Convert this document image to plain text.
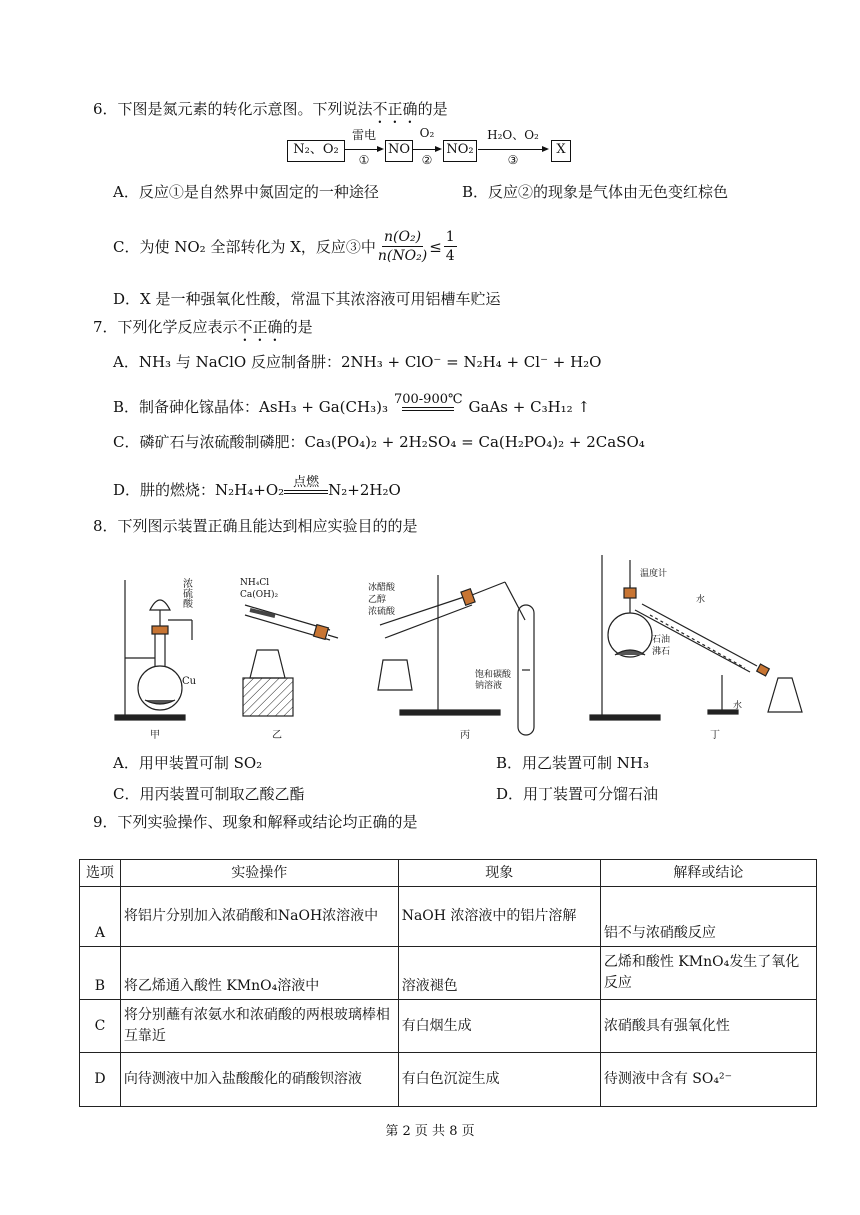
6．下图是氮元素的转化示意图。下列说法不正确的是
N₂、O₂
雷电
①
NO
O₂
②
NO₂
H₂O、O₂
③
X
A．反应①是自然界中氮固定的一种途径	B．反应②的现象是气体由无色变红棕色
C．为使 NO₂ 全部转化为 X，反应③中 $\frac{\text{n(O₂)}}{\text{n(NO₂)}} \le \frac{1}{4}$
D．X 是一种强氧化性酸，常温下其浓溶液可用铝槽车贮运
7．下列化学反应表示不正确的是
A．NH₃ 与 NaClO 反应制备肼：2NH₃ + ClO⁻ = N₂H₄ + Cl⁻ + H₂O
B．制备砷化镓晶体：AsH₃ + Ga(CH₃)₃ 700-900℃ GaAs + C₃H₁₂ ↑
C．磷矿石与浓硫酸制磷肥：Ca₃(PO₄)₂ + 2H₂SO₄ = Ca(H₂PO₄)₂ + 2CaSO₄
D．肼的燃烧：N₂H₄+O₂ 点燃 N₂+2H₂O
8．下列图示装置正确且能达到相应实验目的的是
浓硫酸
Cu
NH₄Cl
Ca(OH)₂
冰醋酸
乙醇
浓硫酸
饱和碳酸钠溶液
温度计
水
水
石油
沸石
甲	乙	丙	丁
A．用甲装置可制 SO₂	B．用乙装置可制 NH₃
C．用丙装置可制取乙酸乙酯	D．用丁装置可分馏石油
9．下列实验操作、现象和解释或结论均正确的是
选项	实验操作	现象	解释或结论
A	将铝片分别加入浓硝酸和NaOH浓溶液中	NaOH 浓溶液中的铝片溶解	铝不与浓硝酸反应
B	将乙烯通入酸性 KMnO₄溶液中	溶液褪色	乙烯和酸性 KMnO₄发生了氧化反应
C	将分别蘸有浓氨水和浓硝酸的两根玻璃棒相互靠近	有白烟生成	浓硝酸具有强氧化性
D	向待测液中加入盐酸酸化的硝酸钡溶液	有白色沉淀生成	待测液中含有 SO₄²⁻
第 2 页 共 8 页
